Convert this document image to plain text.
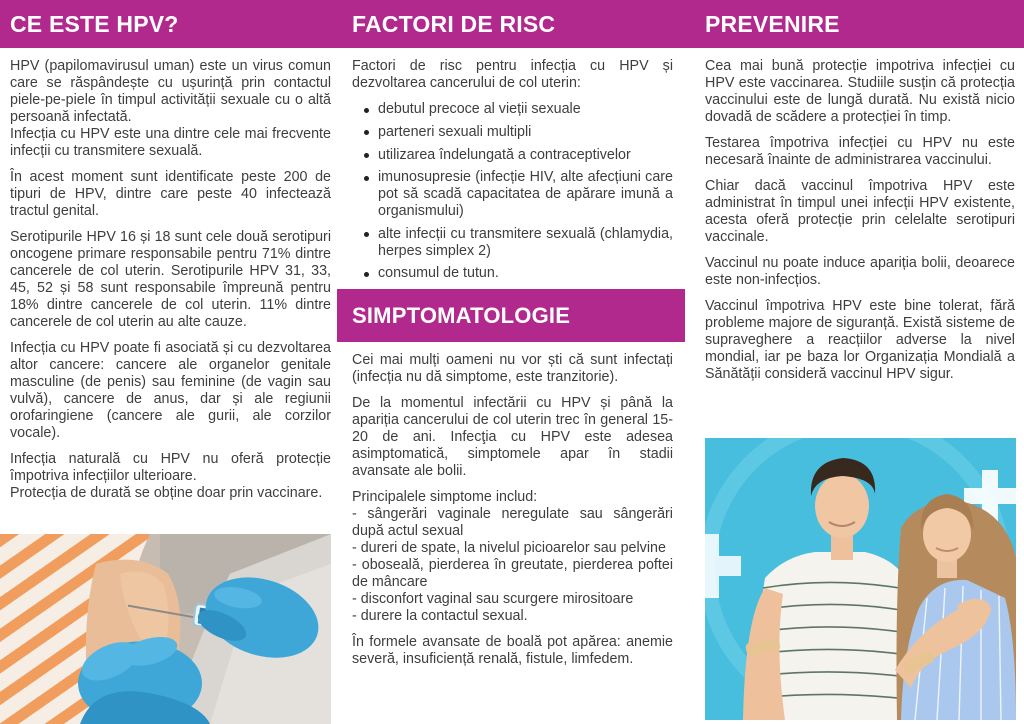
CE ESTE HPV?	FACTORI DE RISC	PREVENIRE

HPV (papilomavirusul uman) este un virus comun care se răspândește cu ușurință prin contactul piele-pe-piele în timpul activității sexuale cu o altă persoană infectată.

Infecția cu HPV este una dintre cele mai frecvente infecții cu transmitere sexuală.

În acest moment sunt identificate peste 200 de tipuri de HPV, dintre care peste 40 infectează tractul genital.

Serotipurile HPV 16 și 18 sunt cele două serotipuri oncogene primare responsabile pentru 71% dintre cancerele de col uterin. Serotipurile HPV 31, 33, 45, 52 și 58 sunt responsabile împreună pentru 18% dintre cancerele de col uterin. 11% dintre cancerele de col uterin au alte cauze.

Infecția cu HPV poate fi asociată și cu dezvoltarea altor cancere: cancere ale organelor genitale masculine (de penis) sau feminine (de vagin sau vulvă), cancere de anus, dar și ale regiunii orofaringiene (cancere ale gurii, ale corzilor vocale).

Infecția naturală cu HPV nu oferă protecție împotriva infecțiilor ulterioare.

Protecția de durată se obține doar prin vaccinare.

Factori de risc pentru infecția cu HPV și dezvoltarea cancerului de col uterin:

debutul precoce al vieții sexuale
parteneri sexuali multipli
utilizarea îndelungată a contraceptivelor
imunosupresie (infecție HIV, alte afecțiuni care pot să scadă capacitatea de apărare imună a organismului)
alte infecții cu transmitere sexuală (chlamydia, herpes simplex 2)
consumul de tutun.
SIMPTOMATOLOGIE

Cei mai mulți oameni nu vor ști că sunt infectați (infecția nu dă simptome, este tranzitorie).

De la momentul infectării cu HPV și până la apariția cancerului de col uterin trec în general 15-20 de ani. Infecţia cu HPV este adesea asimptomatică, simptomele apar în stadii avansate ale bolii.

Principalele simptome includ:

- sângerări vaginale neregulate sau sângerări după actul sexual

- dureri de spate, la nivelul picioarelor sau pelvine

- oboseală, pierderea în greutate, pierderea poftei de mâncare

- disconfort vaginal sau scurgere mirositoare

- durere la contactul sexual.

În formele avansate de boală pot apărea: anemie severă, insuficiență renală, fistule, limfedem.

Cea mai bună protecție impotriva infecției cu HPV este vaccinarea. Studiile susțin că protecția vaccinului este de lungă durată. Nu există nicio dovadă de scădere a protecției în timp.

Testarea împotriva infecției cu HPV nu este necesară înainte de administrarea vaccinului.

Chiar dacă vaccinul împotriva HPV este administrat în timpul unei infecții HPV existente, acesta oferă protecție prin celelalte serotipuri vaccinale.

Vaccinul nu poate induce apariția bolii, deoarece este non-infecțios.

Vaccinul împotriva HPV este bine tolerat, fără probleme majore de siguranță. Există sisteme de supraveghere a reacțiilor adverse la nivel mondial, iar pe baza lor Organizația Mondială a Sănătății consideră vaccinul HPV sigur.
